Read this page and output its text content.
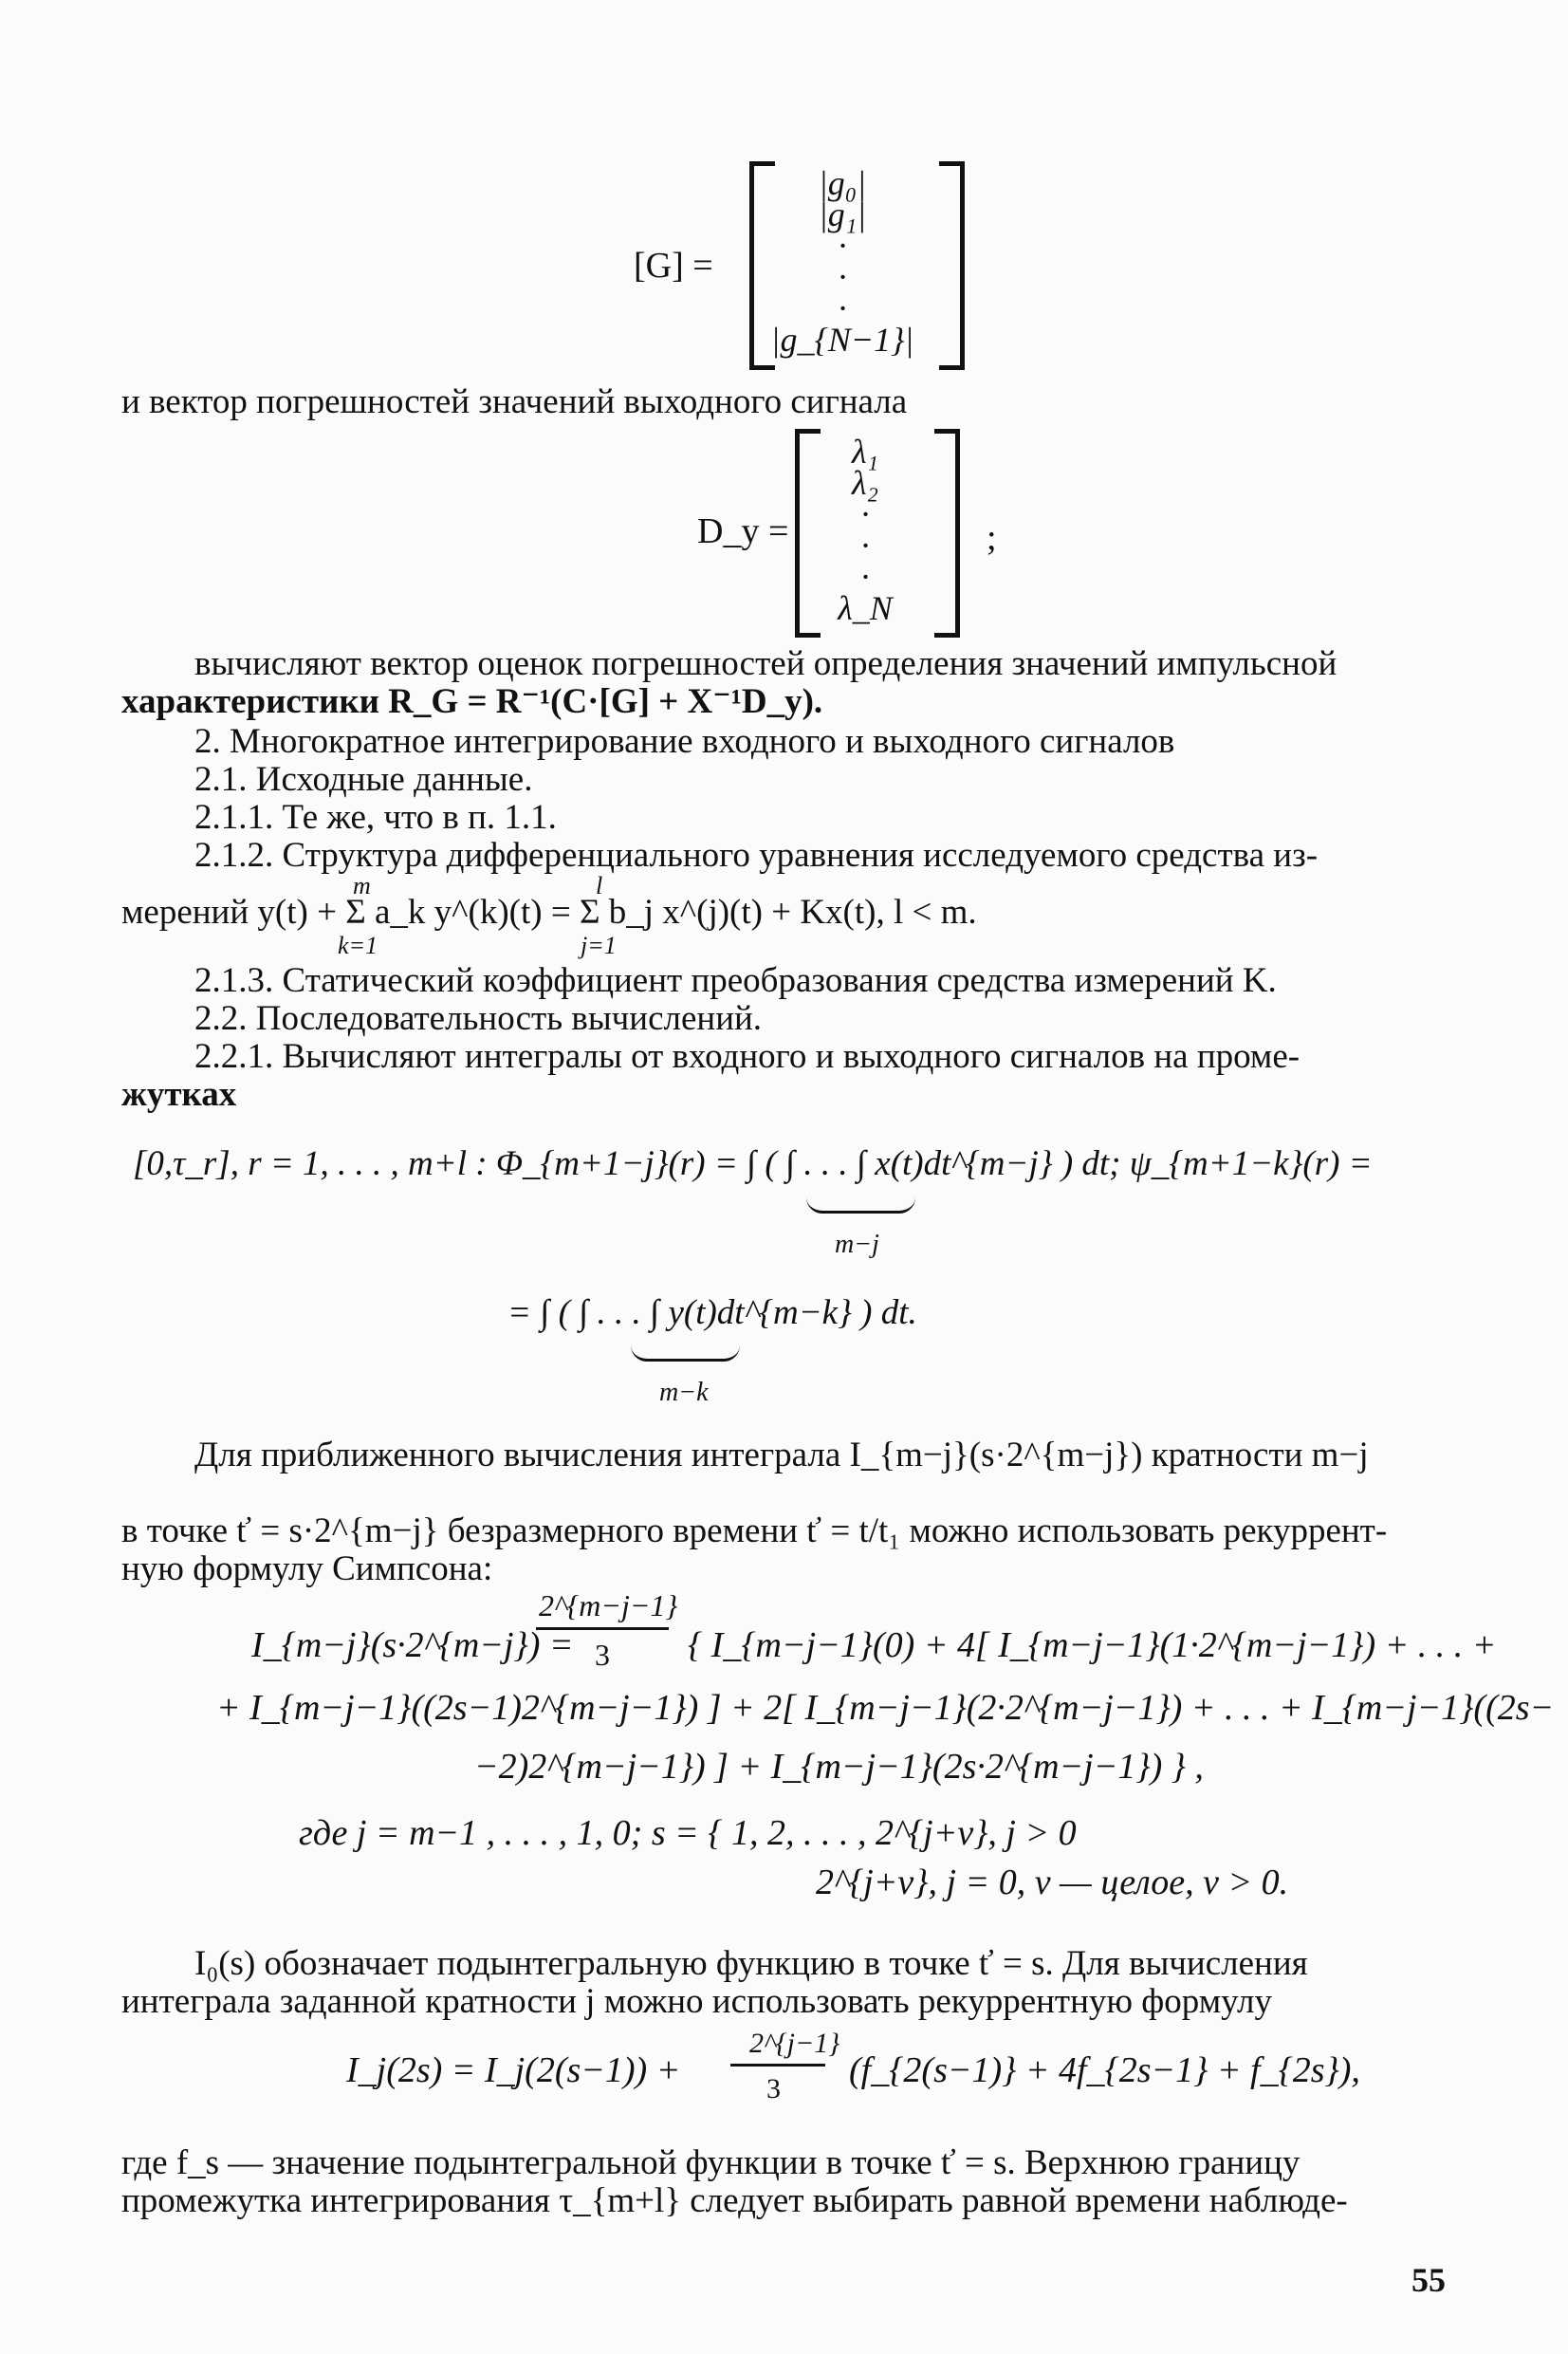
[G] =
|g₀|
|g₁|
·
·
·
|g_{N−1}|
и вектор погрешностей значений выходного сигнала
D_y =	;
λ₁
λ₂
·
·
·
λ_N
вычисляют вектор оценок погрешностей определения значений импульсной
характеристики R_G = R⁻¹(C·[G] + X⁻¹D_y).
2. Многократное интегрирование входного и выходного сигналов
2.1. Исходные данные.
2.1.1. Те же, что в п. 1.1.
2.1.2. Структура дифференциального уравнения исследуемого средства из-
m	l
мерений y(t) + Σ a_k y^(k)(t) = Σ b_j x^(j)(t) + Kx(t), l < m.
k=1	j=1
2.1.3. Статический коэффициент преобразования средства измерений K.
2.2. Последовательность вычислений.
2.2.1. Вычисляют интегралы от входного и выходного сигналов на проме-
жутках
[0,τ_r], r = 1, . . . , m+l : Φ_{m+1−j}(r) = ∫ ( ∫ . . . ∫ x(t)dt^{m−j} ) dt; ψ_{m+1−k}(r) =
m−j
= ∫ ( ∫ . . . ∫ y(t)dt^{m−k} ) dt.
m−k
Для приближенного вычисления интеграла I_{m−j}(s·2^{m−j}) кратности m−j
в точке ť = s·2^{m−j} безразмерного времени ť = t/t₁ можно использовать рекуррент-
ную формулу Симпсона:
I_{m−j}(s·2^{m−j}) =
2^{m−j−1}
3 { I_{m−j−1}(0) + 4[ I_{m−j−1}(1·2^{m−j−1}) + . . . +
+ I_{m−j−1}((2s−1)2^{m−j−1}) ] + 2[ I_{m−j−1}(2·2^{m−j−1}) + . . . + I_{m−j−1}((2s−
−2)2^{m−j−1}) ] + I_{m−j−1}(2s·2^{m−j−1}) } ,
где j = m−1 , . . . , 1, 0; s = { 1, 2, . . . , 2^{j+v}, j > 0
2^{j+v}, j = 0, v — целое, v > 0.
I₀(s) обозначает подынтегральную функцию в точке ť = s. Для вычисления
интеграла заданной кратности j можно использовать рекуррентную формулу
2^{j−1}
3
I_j(2s) = I_j(2(s−1)) +	(f_{2(s−1)} + 4f_{2s−1} + f_{2s}),
где f_s — значение подынтегральной функции в точке ť = s. Верхнюю границу
промежутка интегрирования τ_{m+l} следует выбирать равной времени наблюде-
55
